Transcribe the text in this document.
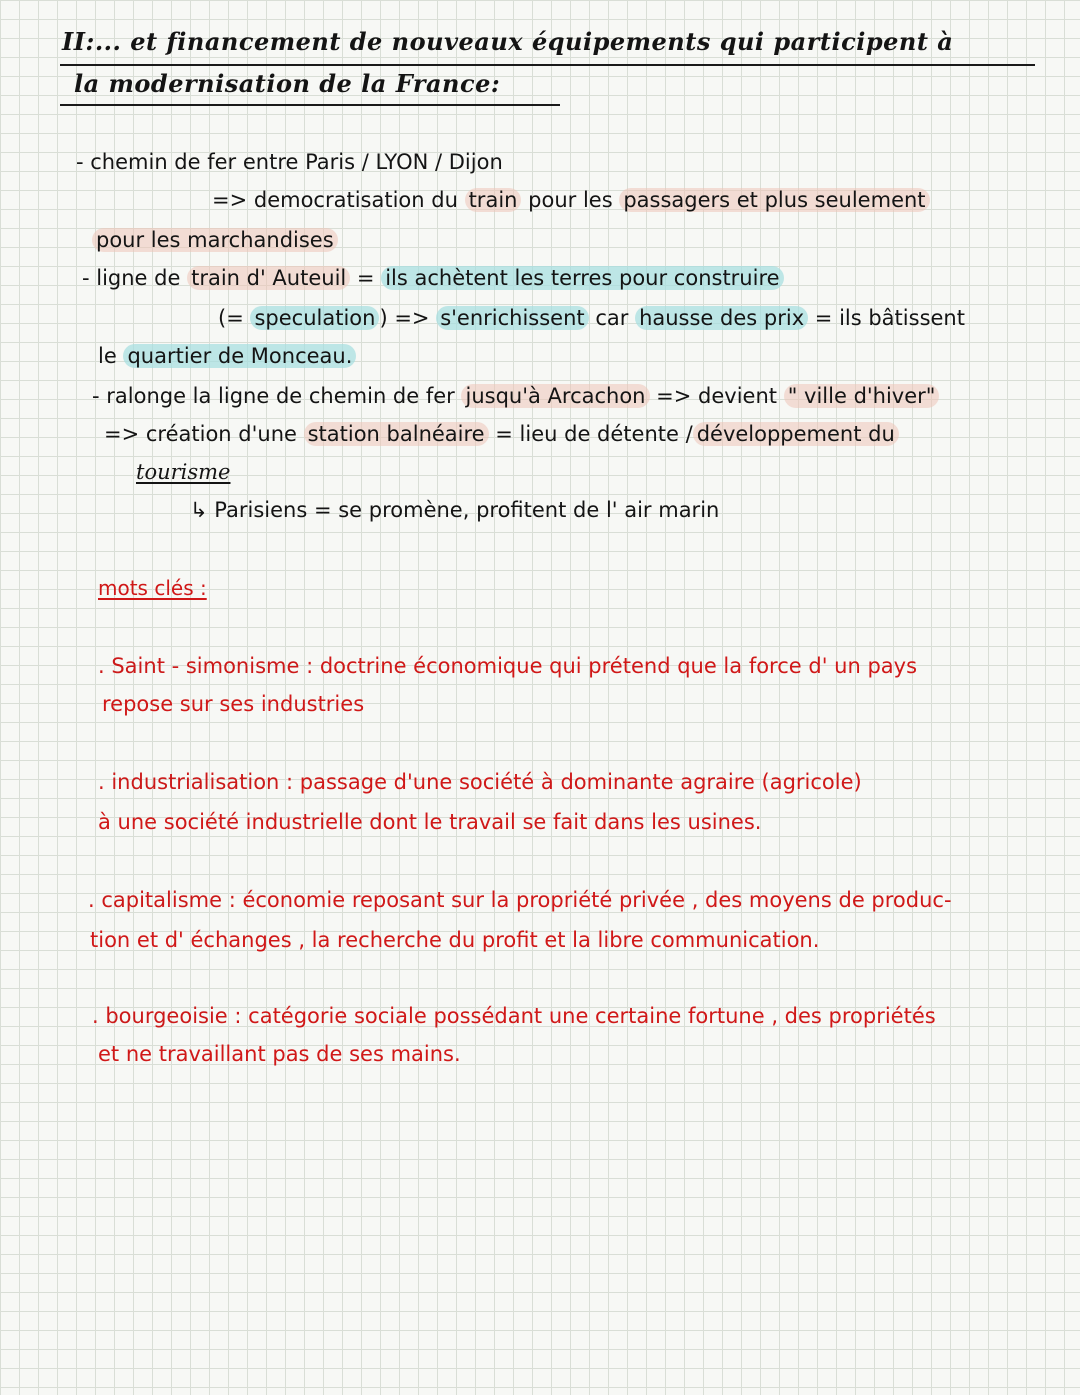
II:... et financement de nouveaux équipements qui participent à
la modernisation de la France:
- chemin de fer entre Paris / LYON / Dijon
=> democratisation du train pour les passagers et plus seulement
pour les marchandises
- ligne de train d' Auteuil = ils achètent les terres pour construire
(= speculation ) => s'enrichissent car hausse des prix = ils bâtissent
le quartier de Monceau.
- ralonge la ligne de chemin de fer jusqu'à Arcachon => devient " ville d'hiver"
=> création d'une station balnéaire = lieu de détente / développement du
tourisme
↳ Parisiens = se promène, profitent de l' air marin
mots clés :
. Saint - simonisme : doctrine économique qui prétend que la force d' un pays
repose sur ses industries
. industrialisation : passage d'une société à dominante agraire (agricole)
à une société industrielle dont le travail se fait dans les usines.
. capitalisme : économie reposant sur la propriété privée , des moyens de produc-
tion et d' échanges , la recherche du profit et la libre communication.
. bourgeoisie : catégorie sociale possédant une certaine fortune , des propriétés
et ne travaillant pas de ses mains.
